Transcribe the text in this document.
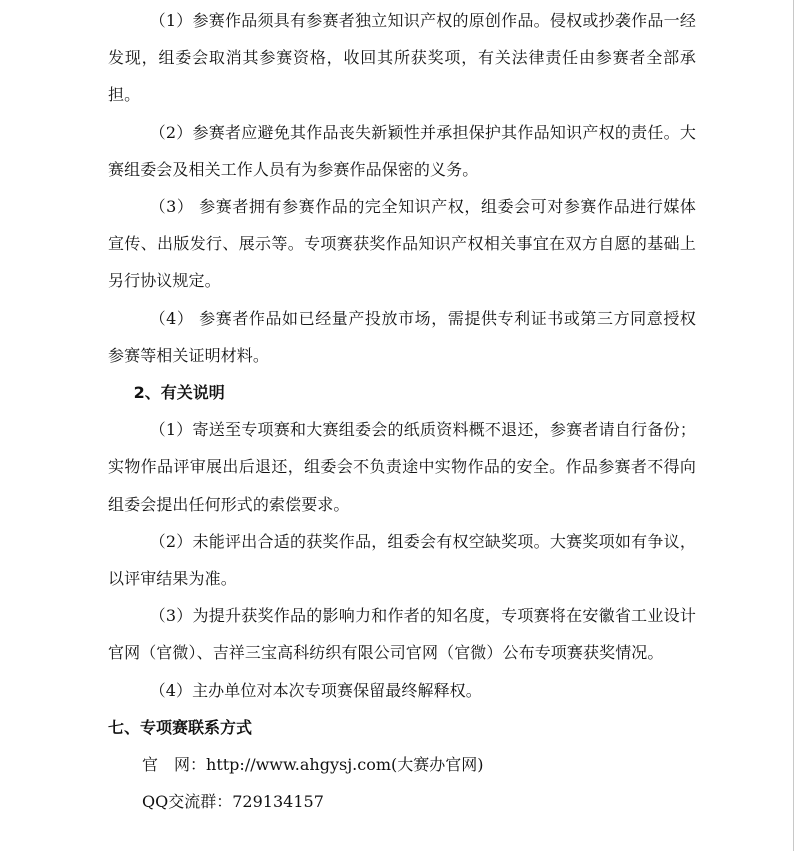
（1）参赛作品须具有参赛者独立知识产权的原创作品。侵权或抄袭作品一经发现，组委会取消其参赛资格，收回其所获奖项，有关法律责任由参赛者全部承担。

（2）参赛者应避免其作品丧失新颖性并承担保护其作品知识产权的责任。大赛组委会及相关工作人员有为参赛作品保密的义务。

（3） 参赛者拥有参赛作品的完全知识产权，组委会可对参赛作品进行媒体宣传、出版发行、展示等。专项赛获奖作品知识产权相关事宜在双方自愿的基础上另行协议规定。

（4） 参赛者作品如已经量产投放市场，需提供专利证书或第三方同意授权参赛等相关证明材料。

2、有关说明

（1）寄送至专项赛和大赛组委会的纸质资料概不退还，参赛者请自行备份；实物作品评审展出后退还，组委会不负责途中实物作品的安全。作品参赛者不得向组委会提出任何形式的索偿要求。

（2）未能评出合适的获奖作品，组委会有权空缺奖项。大赛奖项如有争议，以评审结果为准。

（3）为提升获奖作品的影响力和作者的知名度，专项赛将在安徽省工业设计官网（官微）、吉祥三宝高科纺织有限公司官网（官微）公布专项赛获奖情况。

（4）主办单位对本次专项赛保留最终解释权。

七、专项赛联系方式

官　网：http://www.ahgysj.com(大赛办官网)

QQ交流群：729134157
